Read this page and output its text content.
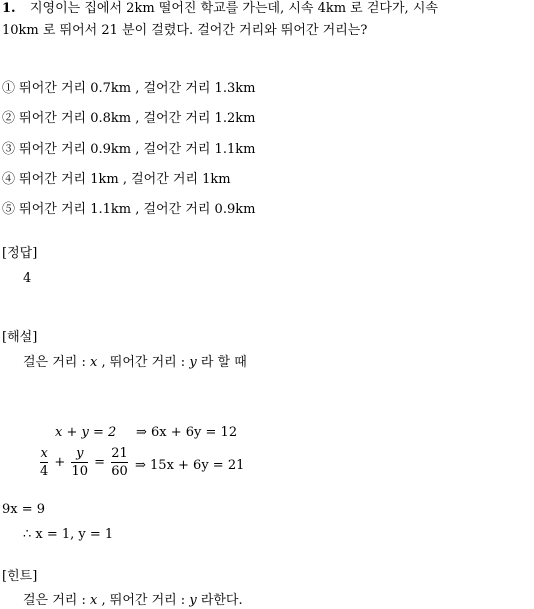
1. 지영이는 집에서 2km 떨어진 학교를 가는데, 시속 4km 로 걷다가, 시속
10km 로 뛰어서 21 분이 걸렸다. 걸어간 거리와 뛰어간 거리는?
① 뛰어간 거리 0.7km , 걸어간 거리 1.3km
② 뛰어간 거리 0.8km , 걸어간 거리 1.2km
③ 뛰어간 거리 0.9km , 걸어간 거리 1.1km
④ 뛰어간 거리 1km , 걸어간 거리 1km
⑤ 뛰어간 거리 1.1km , 걸어간 거리 0.9km
[정답]
4
[해설]
걸은 거리 : x , 뛰어간 거리 : y 라 할 때
x + y = 2 ⇒ 6x + 6y = 12
$\frac{x}{4} + \frac{y}{10} = \frac{21}{60}$ ⇒ 15x + 6y = 21
9x = 9
∴ x = 1, y = 1
[힌트]
걸은 거리 : x , 뛰어간 거리 : y 라한다.
